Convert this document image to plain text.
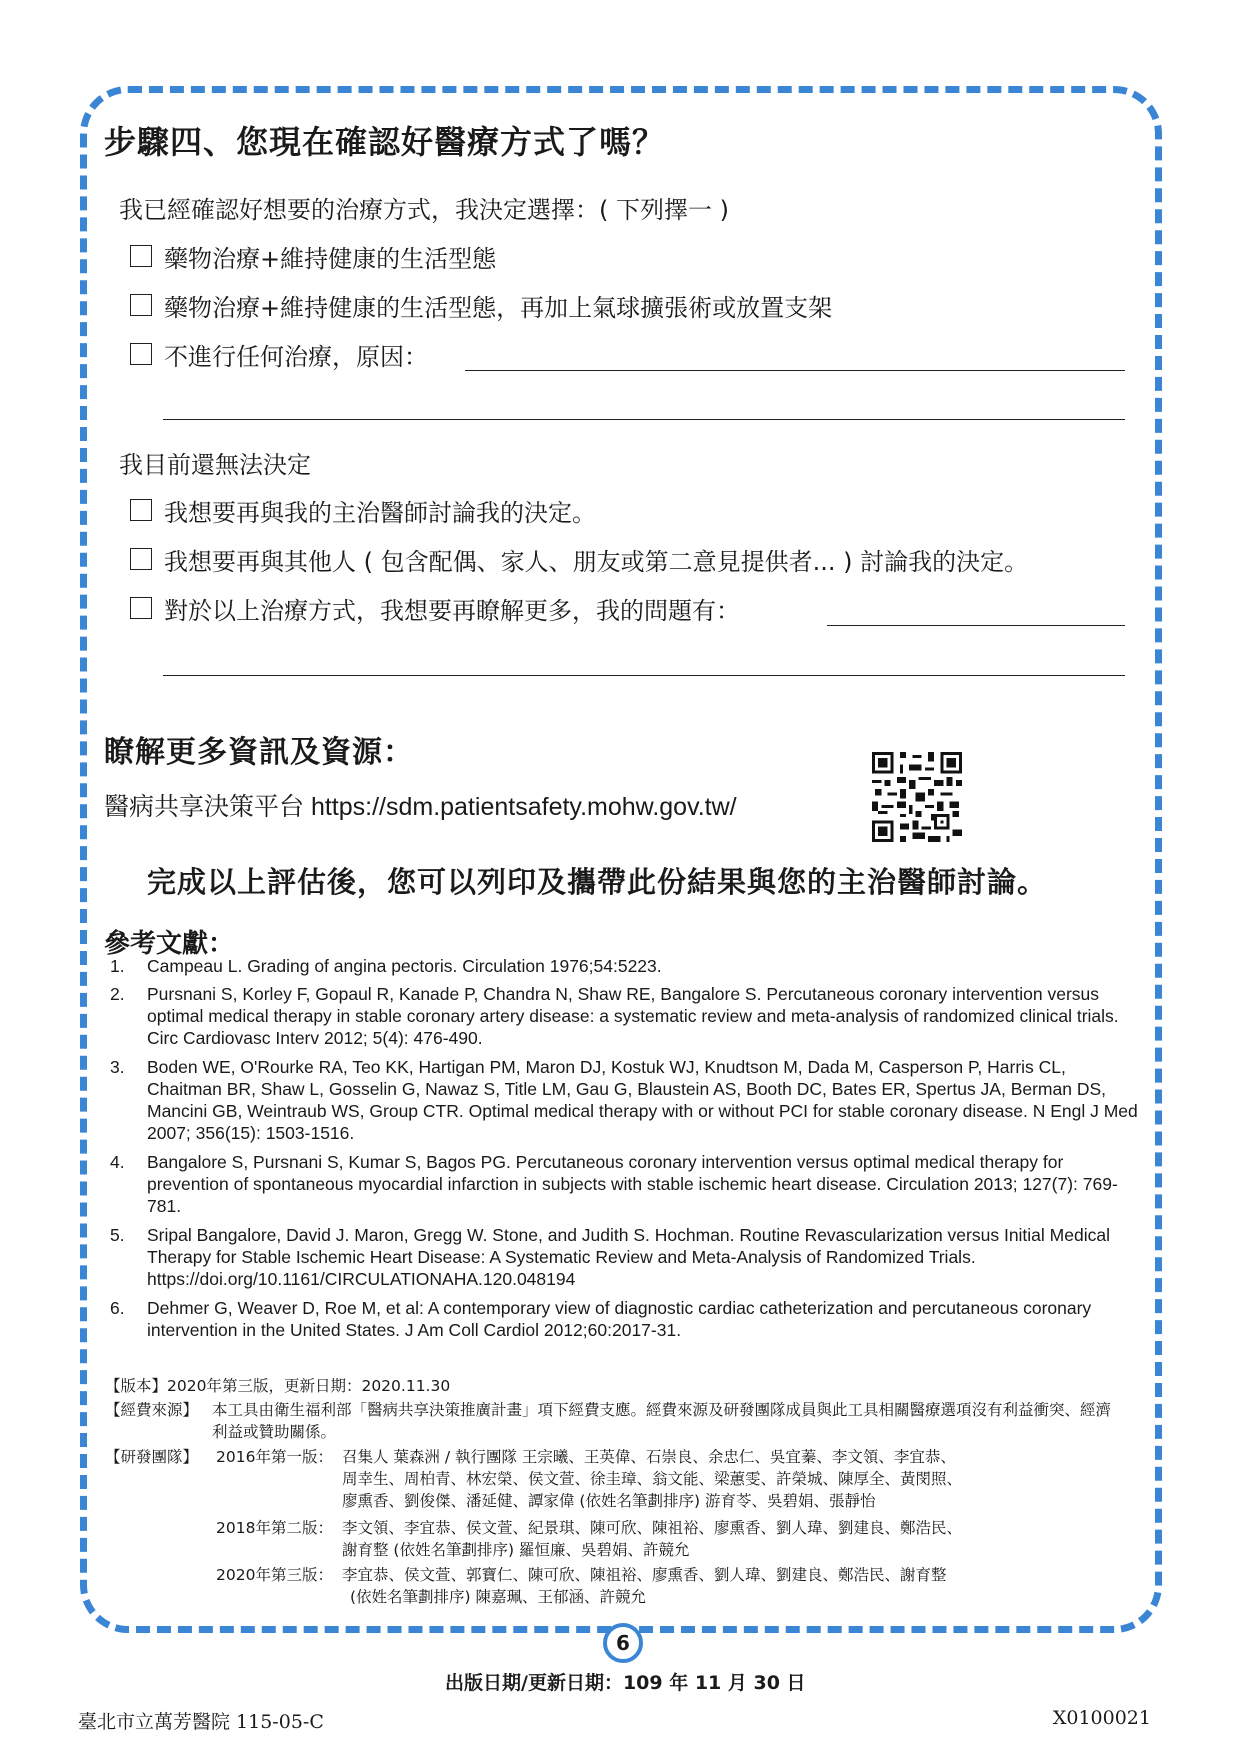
步驟四、您現在確認好醫療方式了嗎？
我已經確認好想要的治療方式，我決定選擇：( 下列擇一 )
藥物治療+維持健康的生活型態
藥物治療+維持健康的生活型態，再加上氣球擴張術或放置支架
不進行任何治療，原因：
我目前還無法決定
我想要再與我的主治醫師討論我的決定。
我想要再與其他人 ( 包含配偶、家人、朋友或第二意見提供者... ) 討論我的決定。
對於以上治療方式，我想要再瞭解更多，我的問題有：
瞭解更多資訊及資源：
醫病共享決策平台 https://sdm.patientsafety.mohw.gov.tw/
完成以上評估後，您可以列印及攜帶此份結果與您的主治醫師討論。
參考文獻：
1.	Campeau L. Grading of angina pectoris. Circulation 1976;54:5223.
2.	Pursnani S, Korley F, Gopaul R, Kanade P, Chandra N, Shaw RE, Bangalore S. Percutaneous coronary intervention versus optimal medical therapy in stable coronary artery disease: a systematic review and meta-analysis of randomized clinical trials. Circ Cardiovasc Interv 2012; 5(4): 476-490.
3.	Boden WE, O'Rourke RA, Teo KK, Hartigan PM, Maron DJ, Kostuk WJ, Knudtson M, Dada M, Casperson P, Harris CL, Chaitman BR, Shaw L, Gosselin G, Nawaz S, Title LM, Gau G, Blaustein AS, Booth DC, Bates ER, Spertus JA, Berman DS, Mancini GB, Weintraub WS, Group CTR. Optimal medical therapy with or without PCI for stable coronary disease. N Engl J Med 2007; 356(15): 1503-1516.
4.	Bangalore S, Pursnani S, Kumar S, Bagos PG. Percutaneous coronary intervention versus optimal medical therapy for prevention of spontaneous myocardial infarction in subjects with stable ischemic heart disease. Circulation 2013; 127(7): 769-781.
5.	Sripal Bangalore, David J. Maron, Gregg W. Stone, and Judith S. Hochman. Routine Revascularization versus Initial Medical Therapy for Stable Ischemic Heart Disease: A Systematic Review and Meta-Analysis of Randomized Trials. https://doi.org/10.1161/CIRCULATIONAHA.120.048194
6.	Dehmer G, Weaver D, Roe M, et al: A contemporary view of diagnostic cardiac catheterization and percutaneous coronary intervention in the United States. J Am Coll Cardiol 2012;60:2017-31.
【版本】2020年第三版，更新日期：2020.11.30
【經費來源】 本工具由衛生福利部「醫病共享決策推廣計畫」項下經費支應。經費來源及研發團隊成員與此工具相關醫療選項沒有利益衝突、經濟利益或贊助關係。
【研發團隊】 2016年第一版： 召集人 葉森洲 / 執行團隊 王宗曦、王英偉、石崇良、余忠仁、吳宜蓁、李文領、李宜恭、
周幸生、周柏青、林宏榮、侯文萱、徐圭璋、翁文能、梁蕙雯、許榮城、陳厚全、黃閔照、
廖熏香、劉俊傑、潘延健、譚家偉 (依姓名筆劃排序) 游育苓、吳碧娟、張靜怡
2018年第二版： 李文領、李宜恭、侯文萱、紀景琪、陳可欣、陳祖裕、廖熏香、劉人瑋、劉建良、鄭浩民、
謝育整 (依姓名筆劃排序) 羅恒廉、吳碧娟、許競允
2020年第三版： 李宜恭、侯文萱、郭寶仁、陳可欣、陳祖裕、廖熏香、劉人瑋、劉建良、鄭浩民、謝育整
(依姓名筆劃排序) 陳嘉珮、王郁涵、許競允
6
出版日期/更新日期：109 年 11 月 30 日
臺北市立萬芳醫院 115-05-C	X0100021
